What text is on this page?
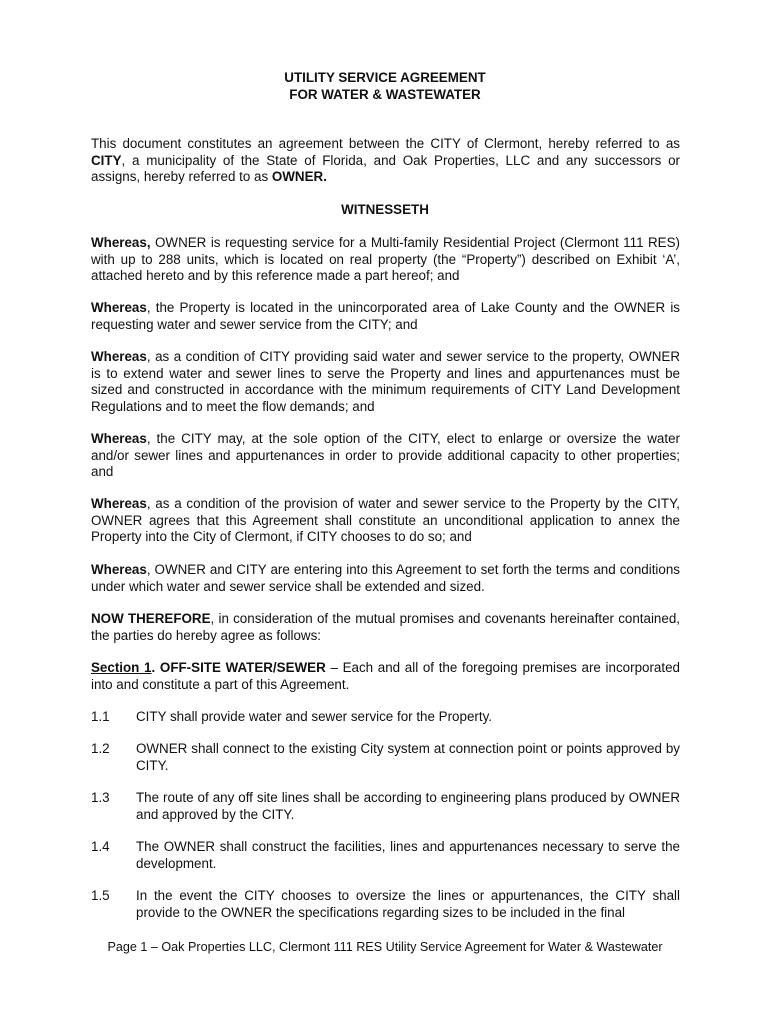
UTILITY SERVICE AGREEMENT
FOR WATER & WASTEWATER

This document constitutes an agreement between the CITY of Clermont, hereby referred to as CITY, a municipality of the State of Florida, and Oak Properties, LLC and any successors or assigns, hereby referred to as OWNER.

WITNESSETH

Whereas, OWNER is requesting service for a Multi-family Residential Project (Clermont 111 RES) with up to 288 units, which is located on real property (the “Property”) described on Exhibit ‘A’, attached hereto and by this reference made a part hereof; and

Whereas, the Property is located in the unincorporated area of Lake County and the OWNER is requesting water and sewer service from the CITY; and

Whereas, as a condition of CITY providing said water and sewer service to the property, OWNER is to extend water and sewer lines to serve the Property and lines and appurtenances must be sized and constructed in accordance with the minimum requirements of CITY Land Development Regulations and to meet the flow demands; and

Whereas, the CITY may, at the sole option of the CITY, elect to enlarge or oversize the water and/or sewer lines and appurtenances in order to provide additional capacity to other properties; and

Whereas, as a condition of the provision of water and sewer service to the Property by the CITY, OWNER agrees that this Agreement shall constitute an unconditional application to annex the Property into the City of Clermont, if CITY chooses to do so; and

Whereas, OWNER and CITY are entering into this Agreement to set forth the terms and conditions under which water and sewer service shall be extended and sized.

NOW THEREFORE, in consideration of the mutual promises and covenants hereinafter contained, the parties do hereby agree as follows:

Section 1. OFF-SITE WATER/SEWER – Each and all of the foregoing premises are incorporated into and constitute a part of this Agreement.

1.1	CITY shall provide water and sewer service for the Property.
1.2	OWNER shall connect to the existing City system at connection point or points approved by CITY.
1.3	The route of any off site lines shall be according to engineering plans produced by OWNER and approved by the CITY.
1.4	The OWNER shall construct the facilities, lines and appurtenances necessary to serve the development.
1.5	In the event the CITY chooses to oversize the lines or appurtenances, the CITY shall provide to the OWNER the specifications regarding sizes to be included in the final
Page 1 – Oak Properties LLC, Clermont 111 RES Utility Service Agreement for Water & Wastewater
